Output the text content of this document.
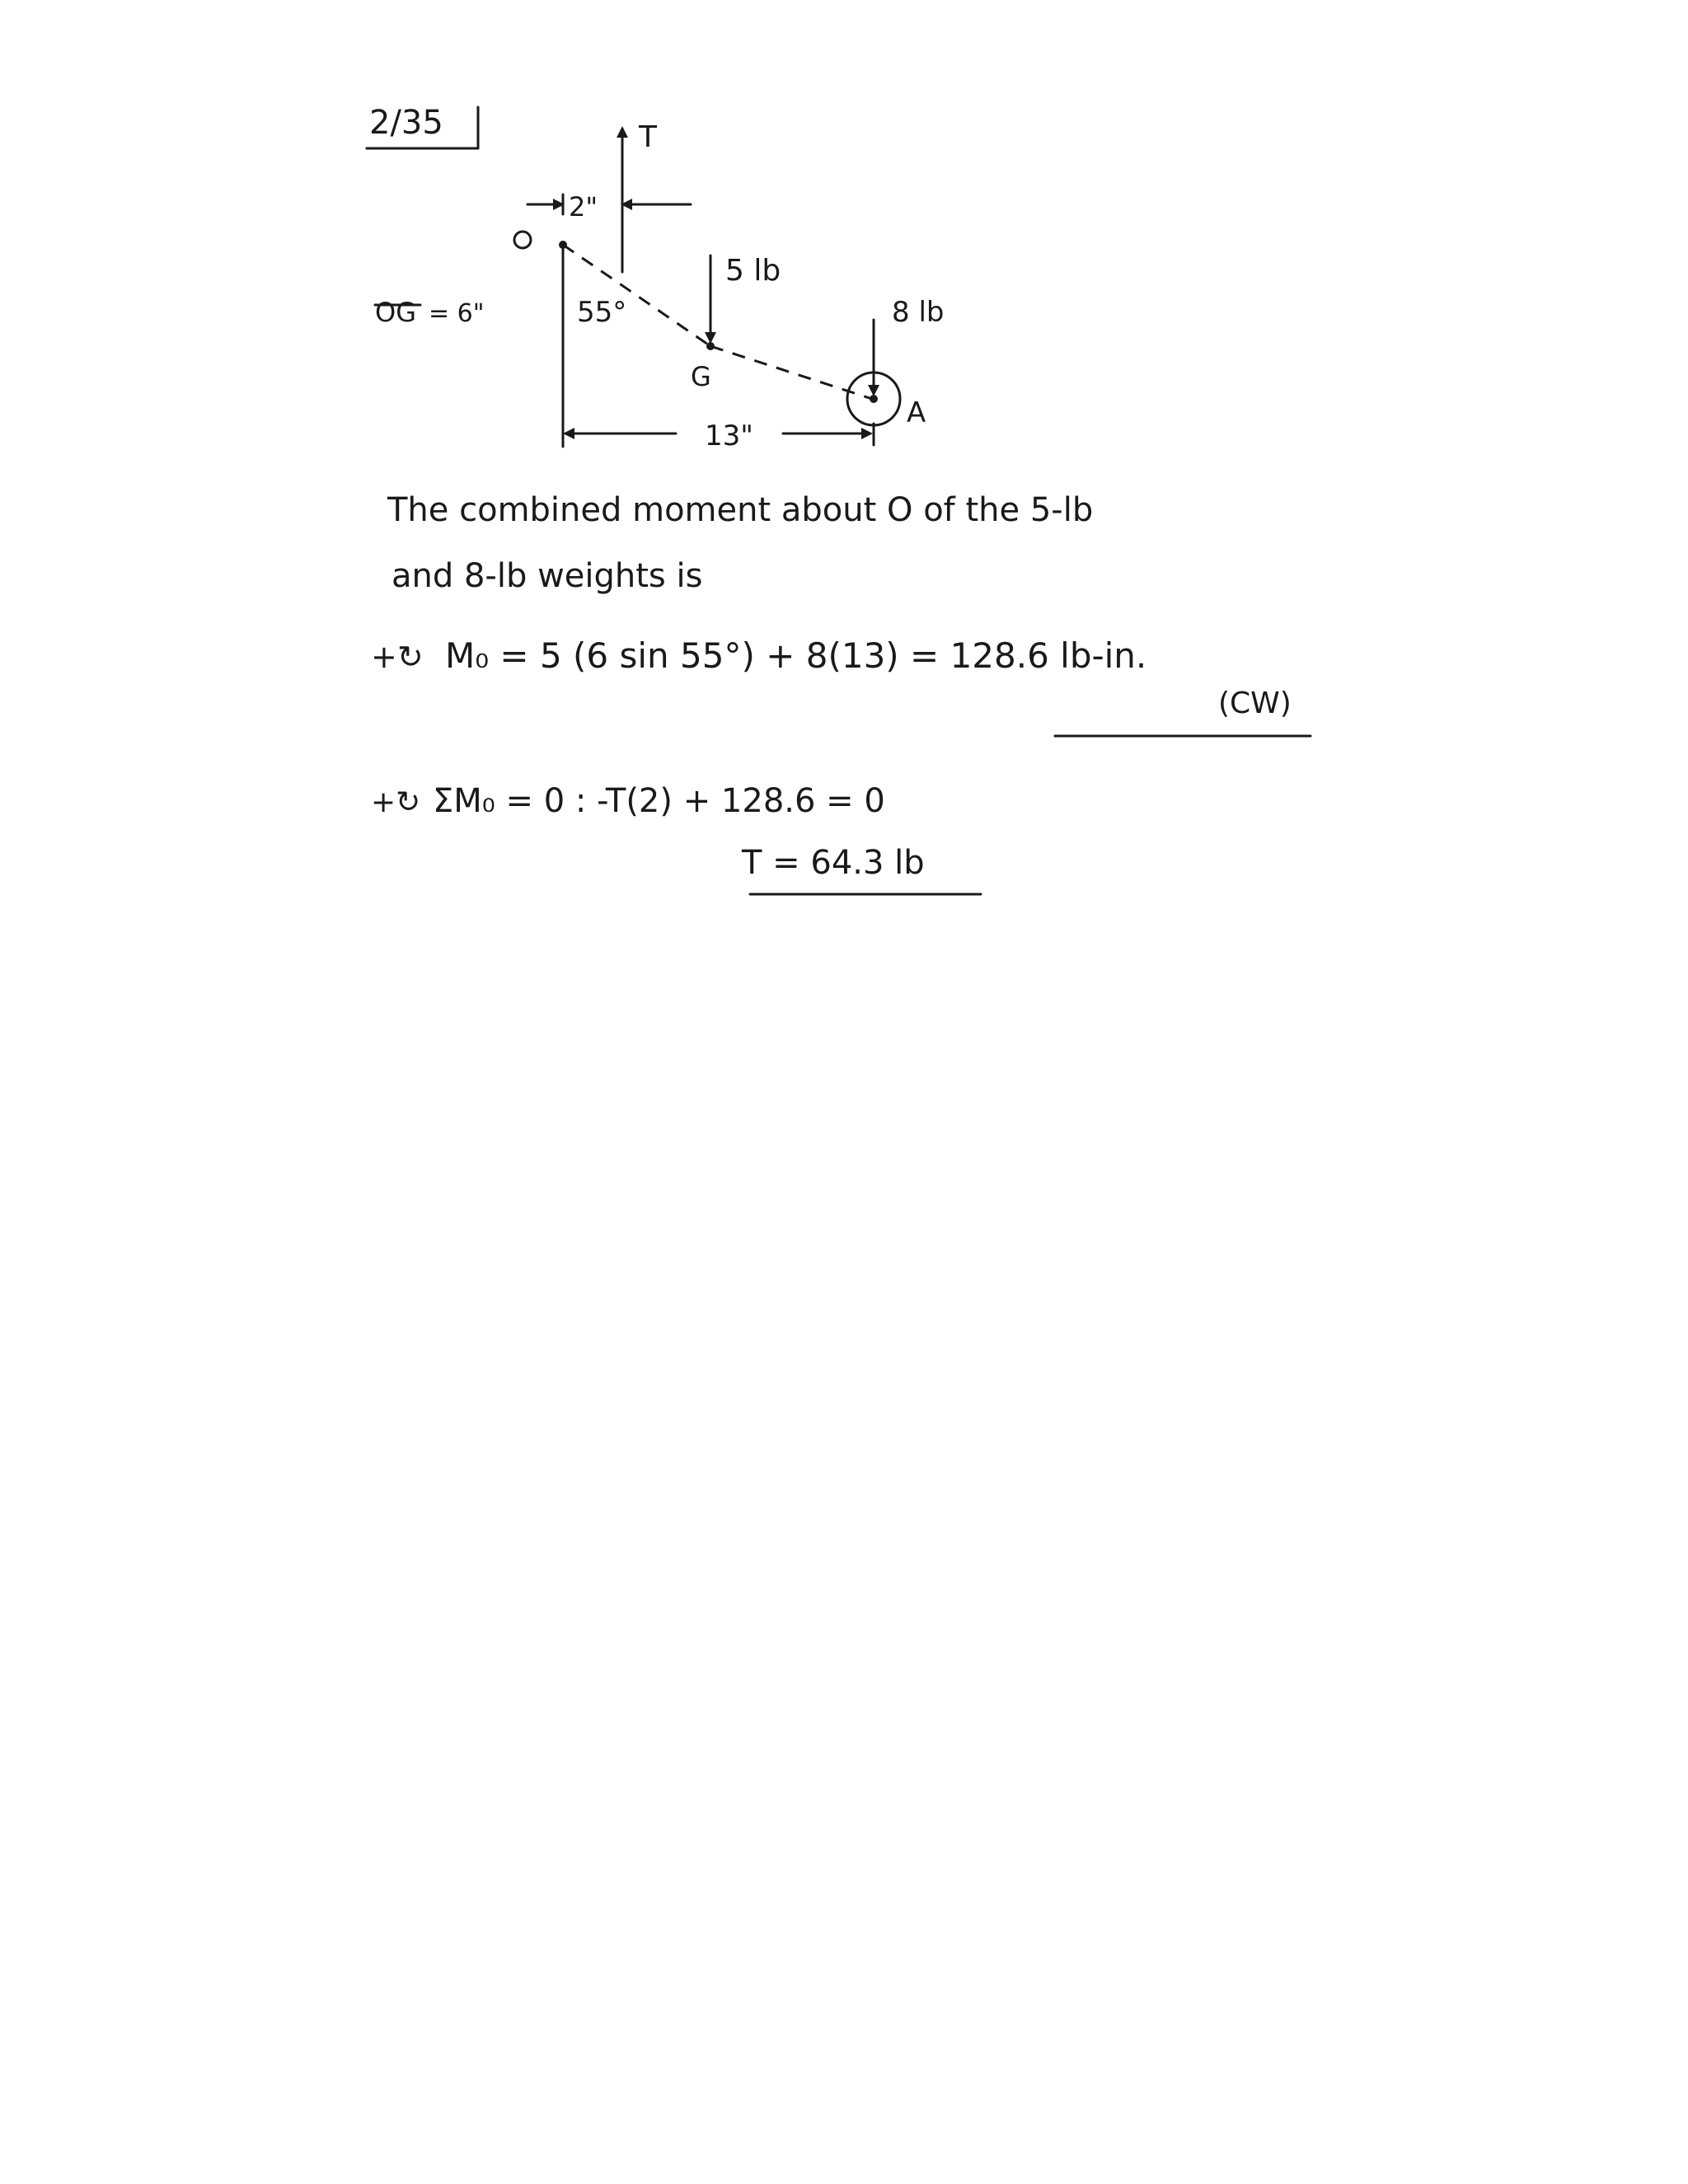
2/35	T
2"
55°
OG = 6"
5 lb
G
8 lb
A
13"
The combined moment about O of the 5-lb
and 8-lb weights is
+↻ M₀ = 5 (6 sin 55°) + 8(13) = 128.6 lb-in.
(CW)
+↻ ΣM₀ = 0 : -T(2) + 128.6 = 0
T = 64.3 lb
